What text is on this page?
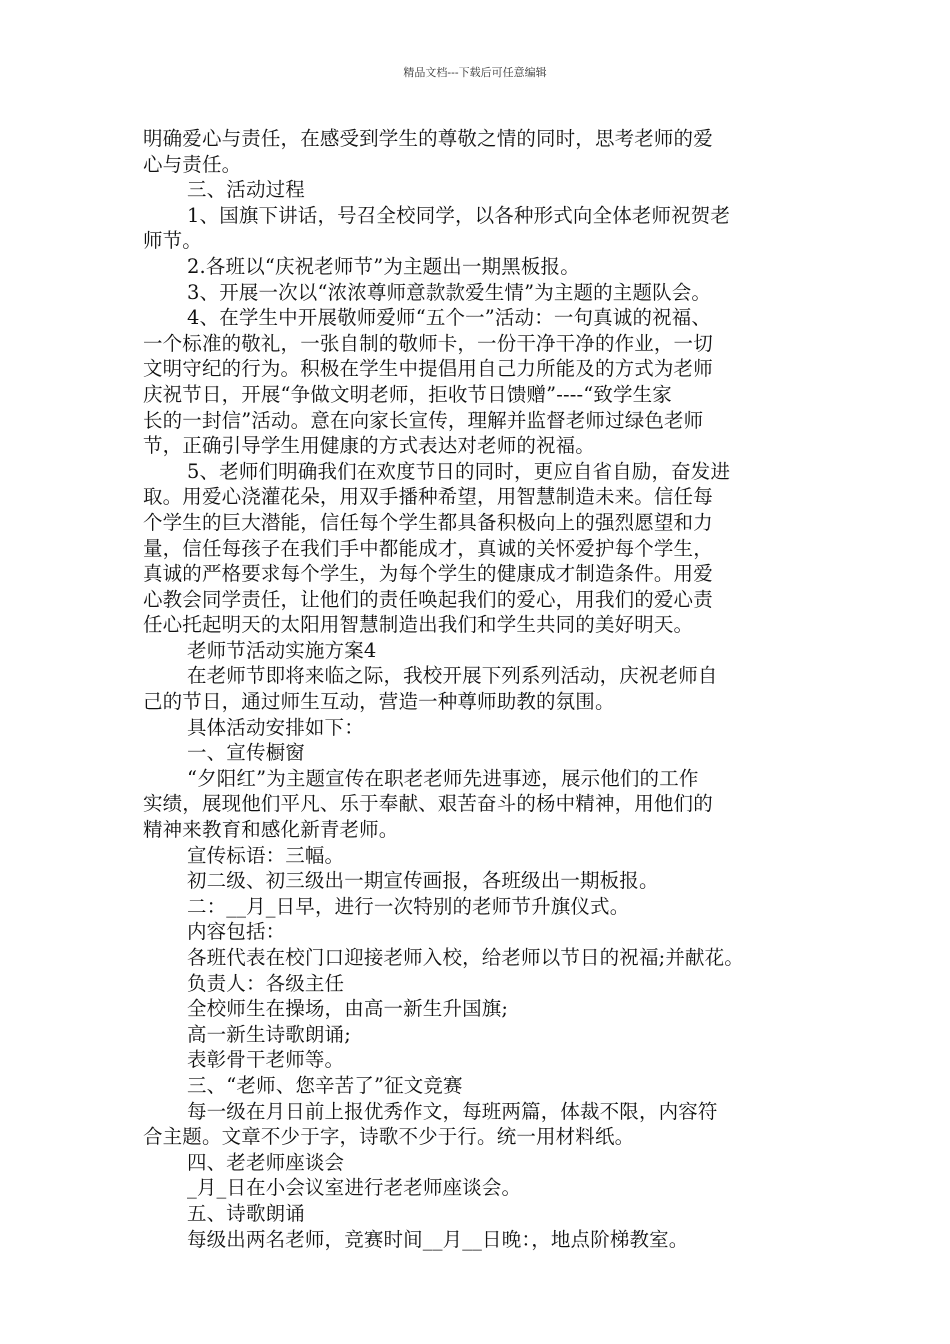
精品文档---下载后可任意编辑
明确爱心与责任，在感受到学生的尊敬之情的同时，思考老师的爱
心与责任。
三、活动过程
1、国旗下讲话，号召全校同学，以各种形式向全体老师祝贺老
师节。
2.各班以“庆祝老师节”为主题出一期黑板报。
3、开展一次以“浓浓尊师意款款爱生情”为主题的主题队会。
4、在学生中开展敬师爱师“五个一”活动：一句真诚的祝福、
一个标准的敬礼，一张自制的敬师卡，一份干净干净的作业，一切
文明守纪的行为。积极在学生中提倡用自己力所能及的方式为老师
庆祝节日，开展“争做文明老师，拒收节日馈赠”----“致学生家
长的一封信”活动。意在向家长宣传，理解并监督老师过绿色老师
节，正确引导学生用健康的方式表达对老师的祝福。
5、老师们明确我们在欢度节日的同时，更应自省自励，奋发进
取。用爱心浇灌花朵，用双手播种希望，用智慧制造未来。信任每
个学生的巨大潜能，信任每个学生都具备积极向上的强烈愿望和力
量，信任每孩子在我们手中都能成才，真诚的关怀爱护每个学生，
真诚的严格要求每个学生，为每个学生的健康成才制造条件。用爱
心教会同学责任，让他们的责任唤起我们的爱心，用我们的爱心责
任心托起明天的太阳用智慧制造出我们和学生共同的美好明天。
老师节活动实施方案4
在老师节即将来临之际，我校开展下列系列活动，庆祝老师自
己的节日，通过师生互动，营造一种尊师助教的氛围。
具体活动安排如下：
一、宣传橱窗
“夕阳红”为主题宣传在职老老师先进事迹，展示他们的工作
实绩，展现他们平凡、乐于奉献、艰苦奋斗的杨中精神，用他们的
精神来教育和感化新青老师。
宣传标语：三幅。
初二级、初三级出一期宣传画报，各班级出一期板报。
二：__月_日早，进行一次特别的老师节升旗仪式。
内容包括：
各班代表在校门口迎接老师入校，给老师以节日的祝福;并献花。
负责人：各级主任
全校师生在操场，由高一新生升国旗;
高一新生诗歌朗诵;
表彰骨干老师等。
三、“老师、您辛苦了”征文竞赛
每一级在月日前上报优秀作文，每班两篇，体裁不限，内容符
合主题。文章不少于字，诗歌不少于行。统一用材料纸。
四、老老师座谈会
_月_日在小会议室进行老老师座谈会。
五、诗歌朗诵
每级出两名老师，竞赛时间__月__日晚：，地点阶梯教室。
